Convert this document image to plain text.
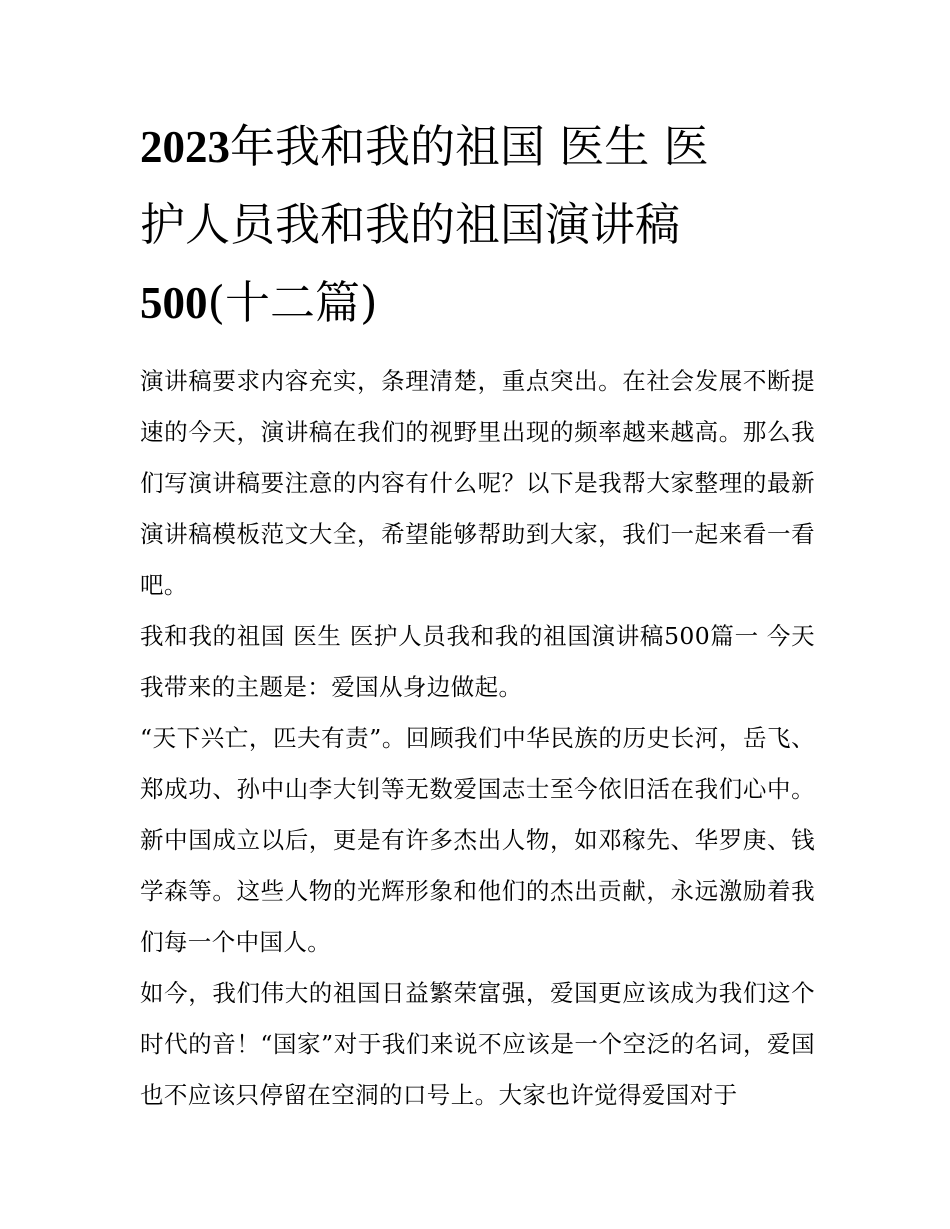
2023年我和我的祖国 医生 医
护人员我和我的祖国演讲稿
500(十二篇)

演讲稿要求内容充实，条理清楚，重点突出。在社会发展不断提速的今天，演讲稿在我们的视野里出现的频率越来越高。那么我们写演讲稿要注意的内容有什么呢？以下是我帮大家整理的最新演讲稿模板范文大全，希望能够帮助到大家，我们一起来看一看吧。

我和我的祖国 医生 医护人员我和我的祖国演讲稿500篇一 今天我带来的主题是：爱国从身边做起。

“天下兴亡，匹夫有责”。回顾我们中华民族的历史长河，岳飞、郑成功、孙中山李大钊等无数爱国志士至今依旧活在我们心中。新中国成立以后，更是有许多杰出人物，如邓稼先、华罗庚、钱学森等。这些人物的光辉形象和他们的杰出贡献，永远激励着我们每一个中国人。

如今，我们伟大的祖国日益繁荣富强，爱国更应该成为我们这个时代的音！“国家”对于我们来说不应该是一个空泛的名词，爱国也不应该只停留在空洞的口号上。大家也许觉得爱国对于
